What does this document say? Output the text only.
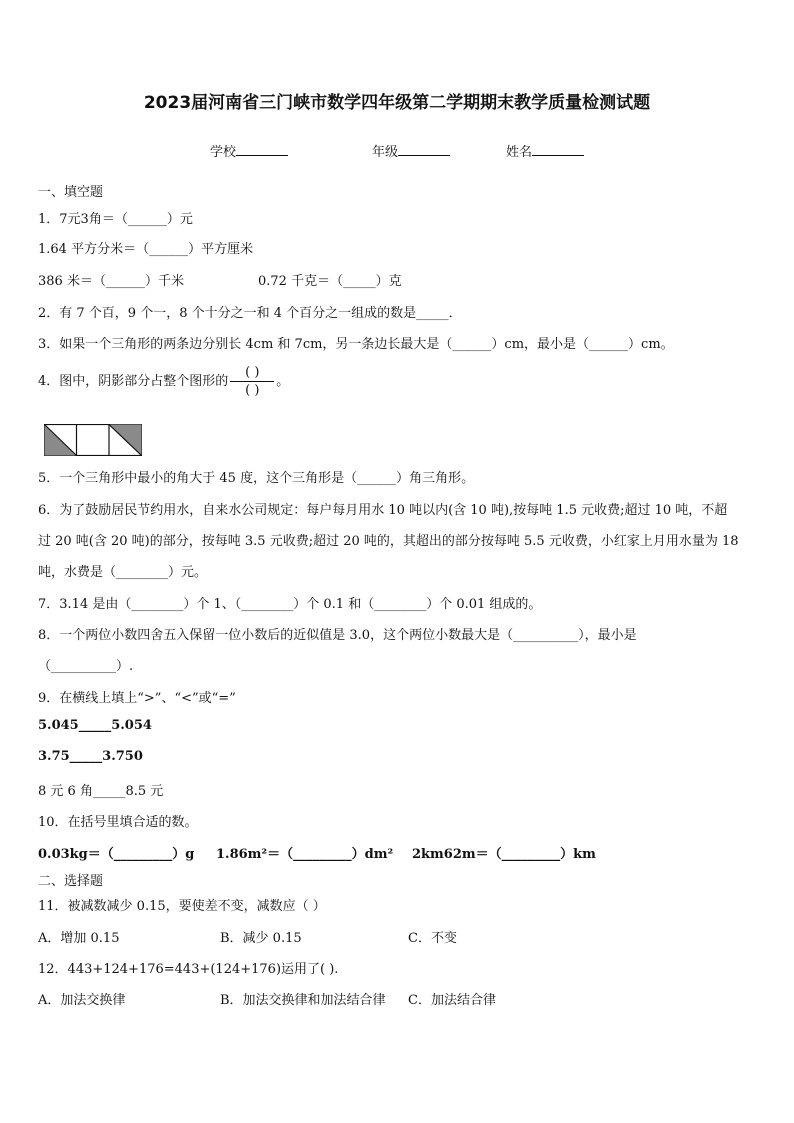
2023届河南省三门峡市数学四年级第二学期期末教学质量检测试题
学校	年级	姓名
一、填空题
1．7元3角＝（______）元
1.64 平方分米＝（______）平方厘米
386 米＝（______）千米	0.72 千克＝（_____）克
2．有 7 个百，9 个一，8 个十分之一和 4 个百分之一组成的数是_____．
3．如果一个三角形的两条边分别长 4cm 和 7cm，另一条边长最大是（______）cm，最小是（______）cm。
4．图中，阴影部分占整个图形的 $\frac{( )}{( )}$ 。
5．一个三角形中最小的角大于 45 度，这个三角形是（______）角三角形。
6．为了鼓励居民节约用水，自来水公司规定：每户每月用水 10 吨以内(含 10 吨),按每吨 1.5 元收费;超过 10 吨，不超
过 20 吨(含 20 吨)的部分，按每吨 3.5 元收费;超过 20 吨的，其超出的部分按每吨 5.5 元收费，小红家上月用水量为 18
吨，水费是（________）元。
7．3.14 是由（________）个 1、（________）个 0.1 和（________）个 0.01 组成的。
8．一个两位小数四舍五入保留一位小数后的近似值是 3.0，这个两位小数最大是（__________），最小是
（__________）.
9．在横线上填上“>”、“<”或“=”
5.045_____5.054
3.75_____3.750
8 元 6 角_____8.5 元
10．在括号里填合适的数。
0.03kg＝（_________）g 1.86m²＝（_________）dm² 2km62m＝（_________）km
二、选择题
11．被减数减少 0.15，要使差不变，减数应（ ）
A．增加 0.15	B．减少 0.15	C．不变
12．443+124+176=443+(124+176)运用了( ).
A．加法交换律	B．加法交换律和加法结合律 C．加法结合律
